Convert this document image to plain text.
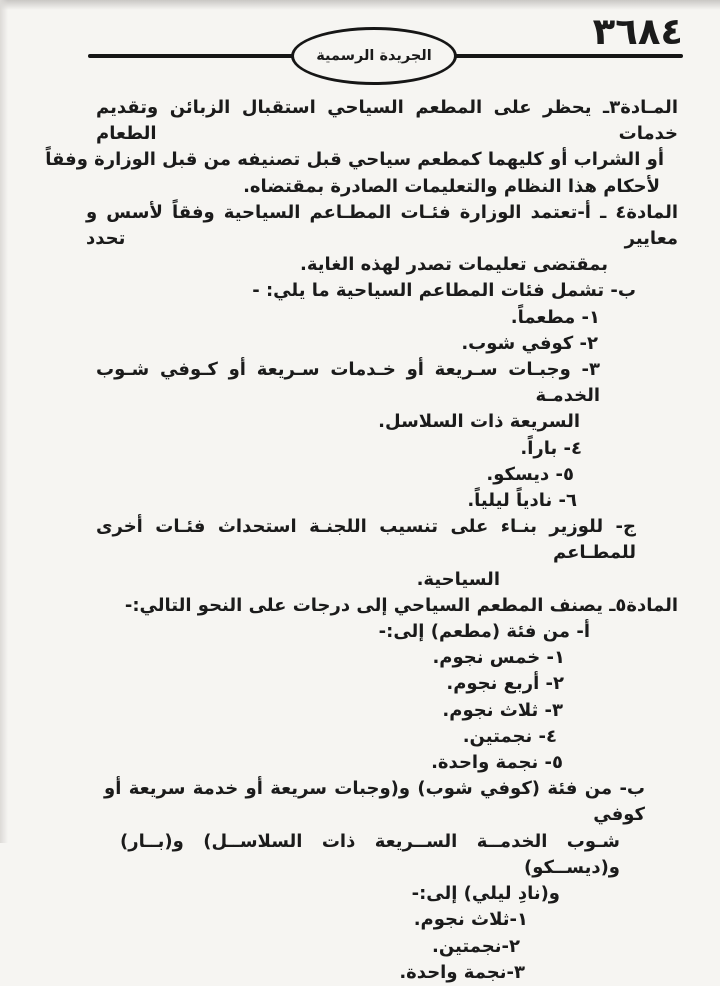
٣٦٨٤
الجريدة الرسمية
المـادة٣ـ يحظر على المطعم السياحي استقبال الزبائن وتقديم خدمات الطعام
أو الشراب أو كليهما كمطعم سياحي قبل تصنيفه من قبل الوزارة وفقاً
لأحكام هذا النظام والتعليمات الصادرة بمقتضاه.
المادة٤ ـ أ-تعتمد الوزارة فئـات المطـاعم السياحية وفقاً لأسس و معايير تحدد
بمقتضى تعليمات تصدر لهذه الغاية.
ب- تشمل فئات المطاعم السياحية ما يلي: -
١- مطعماً.
٢- كوفي شوب.
٣- وجبـات سـريعة أو خـدمات سـريعة أو كـوفي شـوب الخدمـة
السريعة ذات السلاسل.
٤- باراً.
٥- ديسكو.
٦- نادياً ليلياً.
ج- للوزير بنـاء على تنسيب اللجنـة استحداث فئـات أخرى للمطـاعم
السياحية.
المادة٥ـ يصنف المطعم السياحي إلى درجات على النحو التالي:-
أ- من فئة (مطعم) إلى:-
١- خمس نجوم.
٢- أربع نجوم.
٣- ثلاث نجوم.
٤- نجمتين.
٥- نجمة واحدة.
ب- من فئة (كوفي شوب) و(وجبات سريعة أو خدمة سريعة أو كوفي
شـوب الخدمــة الســريعة ذات السلاســل) و(بــار) و(ديســكو)
و(نادِ ليلي) إلى:-
١-ثلاث نجوم.
٢-نجمتين.
٣-نجمة واحدة.
